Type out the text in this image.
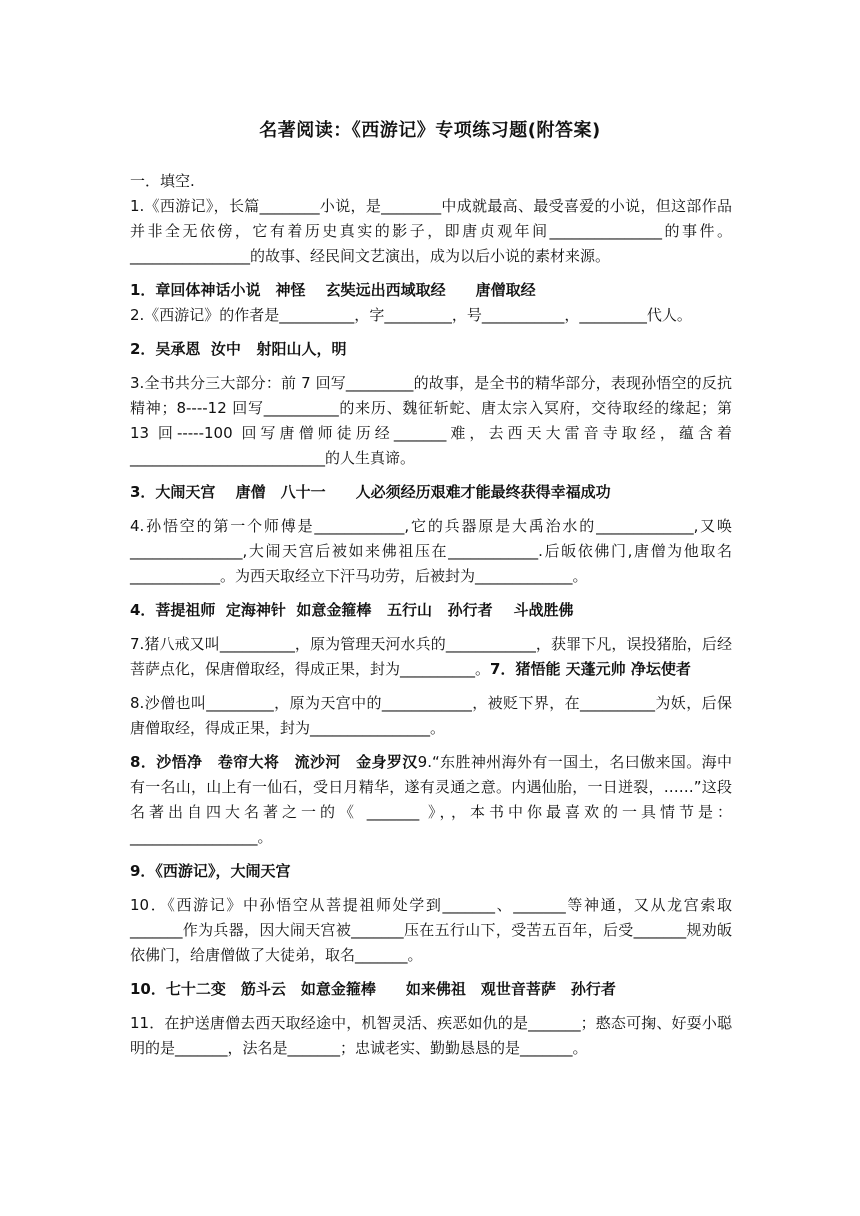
名著阅读：《西游记》专项练习题(附答案)

一．填空.

1.《西游记》，长篇________小说，是________中成就最高、最受喜爱的小说，但这部作品并非全无依傍，它有着历史真实的影子，即唐贞观年间_______________的事件。________________的故事、经民间文艺演出，成为以后小说的素材来源。

1．章回体神话小说　神怪　 玄奘远出西域取经　　唐僧取经

2.《西游记》的作者是__________，字_________，号___________，_________代人。

2．吴承恩  汝中   射阳山人，明

3.全书共分三大部分：前 7 回写_________的故事，是全书的精华部分，表现孙悟空的反抗精神；8----12 回写__________的来历、魏征斩蛇、唐太宗入冥府，交待取经的缘起；第 13 回-----100 回写唐僧师徒历经_______难，去西天大雷音寺取经，蕴含着 __________________________的人生真谛。

3．大闹天宫　 唐僧　八十一　　人必须经历艰难才能最终获得幸福成功

4.孙悟空的第一个师傅是____________,它的兵器原是大禹治水的_____________,又唤_______________,大闹天宫后被如来佛祖压在____________.后皈依佛门,唐僧为他取名____________。为西天取经立下汗马功劳，后被封为_____________。

4．菩提祖师  定海神针  如意金箍棒   五行山   孙行者    斗战胜佛

7.猪八戒又叫__________，原为管理天河水兵的____________，获罪下凡，误投猪胎，后经菩萨点化，保唐僧取经，得成正果，封为__________。7．猪悟能 天蓬元帅 净坛使者

8.沙僧也叫_________，原为天宫中的____________，被贬下界，在__________为妖，后保唐僧取经，得成正果，封为________________。

8．沙悟净　卷帘大将　流沙河　金身罗汉9.“东胜神州海外有一国土，名曰傲来国。海中有一名山，山上有一仙石，受日月精华，遂有灵通之意。内遇仙胎，一日迸裂，……”这段名著出自四大名著之一的《 _______ 》，，本书中你最喜欢的一具情节是：_________________。

9．《西游记》，大闹天宫

10．《西游记》中孙悟空从菩提祖师处学到_______、_______等神通，又从龙宫索取_______作为兵器，因大闹天宫被_______压在五行山下，受苦五百年，后受_______规劝皈依佛门，给唐僧做了大徒弟，取名_______。

10．七十二变　筋斗云　如意金箍棒　　如来佛祖　观世音菩萨　孙行者

11．在护送唐僧去西天取经途中，机智灵活、疾恶如仇的是_______；憨态可掬、好耍小聪明的是_______，法名是_______；忠诚老实、勤勤恳恳的是_______。
